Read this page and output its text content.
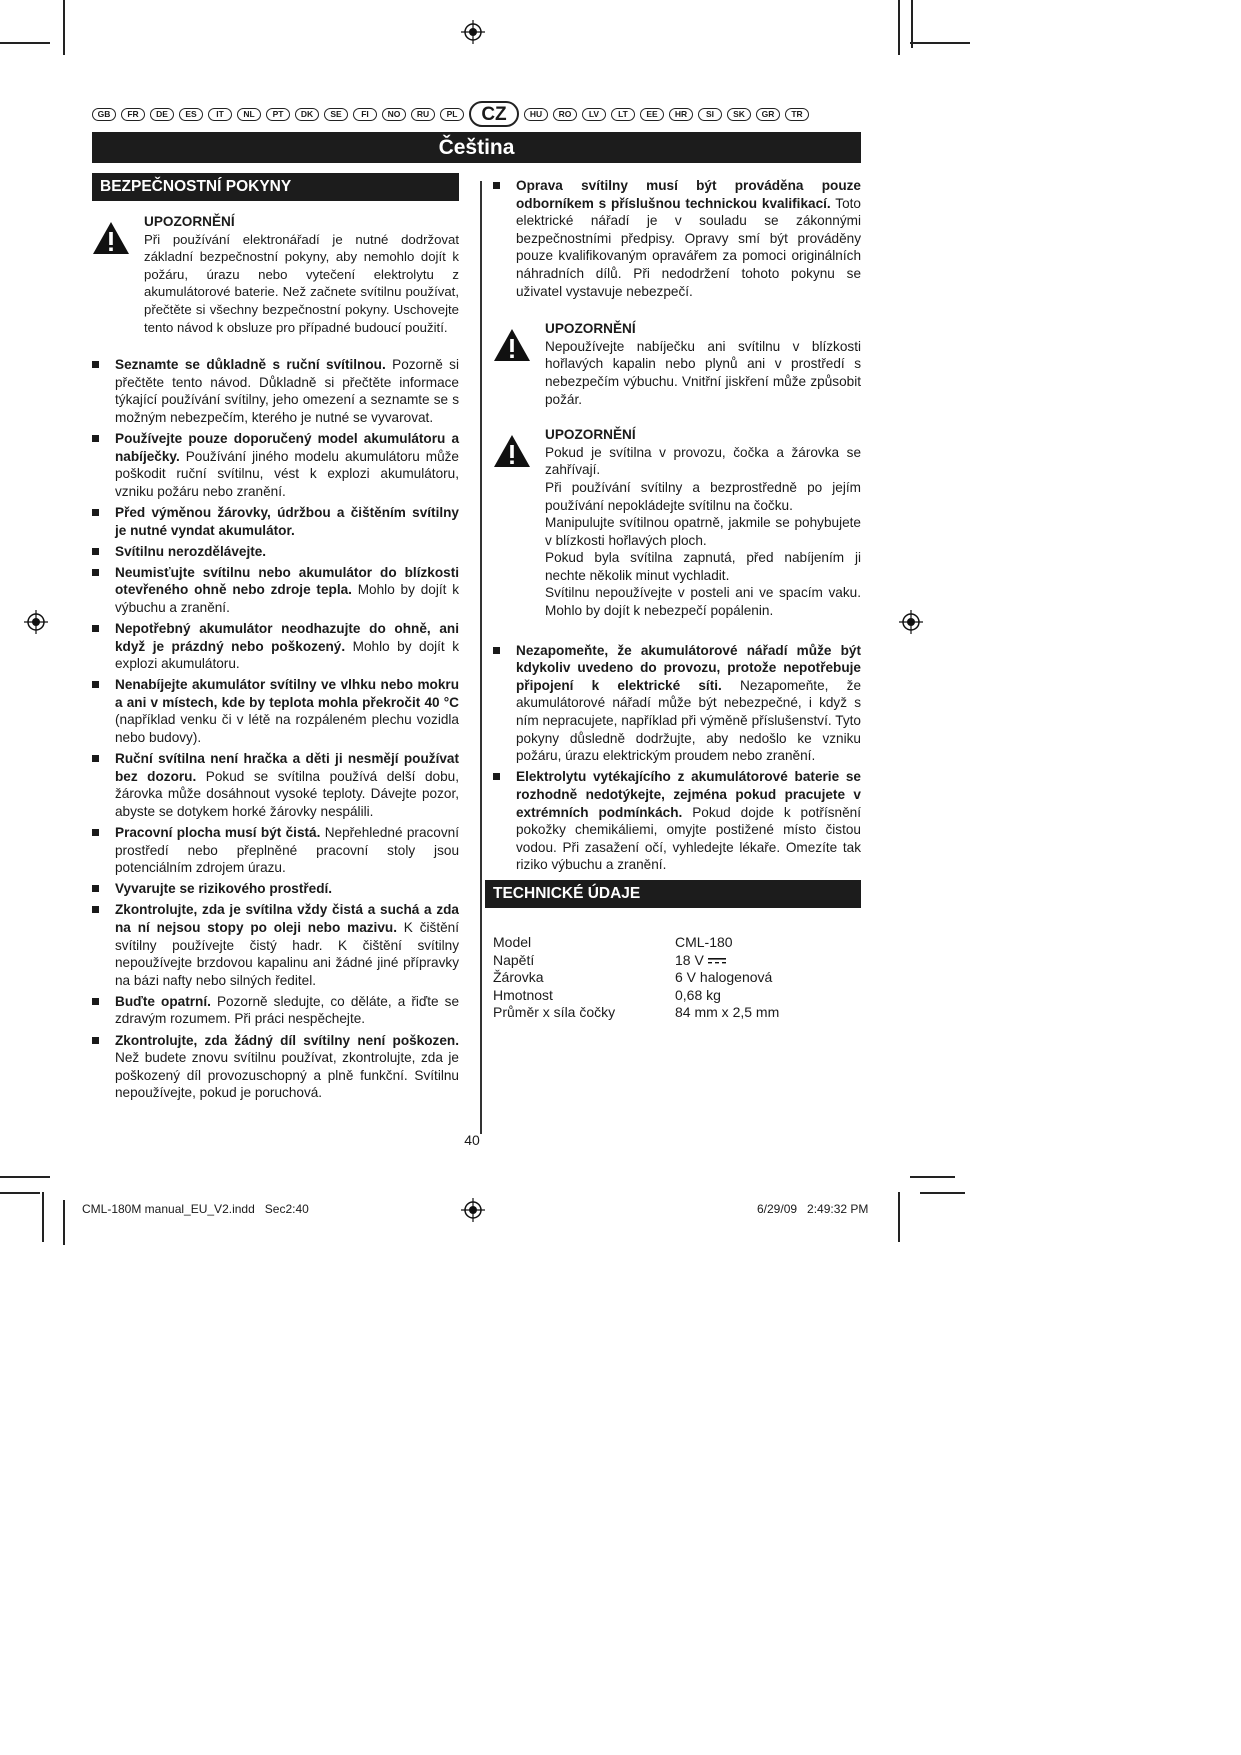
GB	FR	DE	ES	IT	NL	PT	DK	SE	FI	NO	RU	PL	CZ	HU	RO	LV	LT	EE	HR	SI	SK	GR	TR
Čeština
BEZPEČNOSTNÍ POKYNY

UPOZORNĚNÍ

Při používání elektronářadí je nutné dodržovat základní bezpečnostní pokyny, aby nemohlo dojít k požáru, úrazu nebo vytečení elektrolytu z akumulátorové baterie. Než začnete svítilnu používat, přečtěte si všechny bezpečnostní pokyny. Uschovejte tento návod k obsluze pro případné budoucí použití.

Seznamte se důkladně s ruční svítilnou. Pozorně si přečtěte tento návod. Důkladně si přečtěte informace týkající používání svítilny, jeho omezení a seznamte se s možným nebezpečím, kterého je nutné se vyvarovat.
Používejte pouze doporučený model akumulátoru a nabíječky. Používání jiného modelu akumulátoru může poškodit ruční svítilnu, vést k explozi akumulátoru, vzniku požáru nebo zranění.
Před výměnou žárovky, údržbou a čištěním svítilny je nutné vyndat akumulátor.
Svítilnu nerozdělávejte.
Neumisťujte svítilnu nebo akumulátor do blízkosti otevřeného ohně nebo zdroje tepla. Mohlo by dojít k výbuchu a zranění.
Nepotřebný akumulátor neodhazujte do ohně, ani když je prázdný nebo poškozený. Mohlo by dojít k explozi akumulátoru.
Nenabíjejte akumulátor svítilny ve vlhku nebo mokru a ani v místech, kde by teplota mohla překročit 40 °C (například venku či v létě na rozpáleném plechu vozidla nebo budovy).
Ruční svítilna není hračka a děti ji nesmějí používat bez dozoru. Pokud se svítilna používá delší dobu, žárovka může dosáhnout vysoké teploty. Dávejte pozor, abyste se dotykem horké žárovky nespálili.
Pracovní plocha musí být čistá. Nepřehledné pracovní prostředí nebo přeplněné pracovní stoly jsou potenciálním zdrojem úrazu.
Vyvarujte se rizikového prostředí.
Zkontrolujte, zda je svítilna vždy čistá a suchá a zda na ní nejsou stopy po oleji nebo mazivu. K čištění svítilny používejte čistý hadr. K čištění svítilny nepoužívejte brzdovou kapalinu ani žádné jiné přípravky na bázi nafty nebo silných ředitel.
Buďte opatrní. Pozorně sledujte, co děláte, a řiďte se zdravým rozumem. Při práci nespěchejte.
Zkontrolujte, zda žádný díl svítilny není poškozen. Než budete znovu svítilnu používat, zkontrolujte, zda je poškozený díl provozuschopný a plně funkční. Svítilnu nepoužívejte, pokud je poruchová.
Oprava svítilny musí být prováděna pouze odborníkem s příslušnou technickou kvalifikací. Toto elektrické nářadí je v souladu se zákonnými bezpečnostními předpisy. Opravy smí být prováděny pouze kvalifikovaným opravářem za pomoci originálních náhradních dílů. Při nedodržení tohoto pokynu se uživatel vystavuje nebezpečí.

UPOZORNĚNÍ

Nepoužívejte nabíječku ani svítilnu v blízkosti hořlavých kapalin nebo plynů ani v prostředí s nebezpečím výbuchu. Vnitřní jiskření může způsobit požár.

UPOZORNĚNÍ

Pokud je svítilna v provozu, čočka a žárovka se zahřívají.

Při používání svítilny a bezprostředně po jejím používání nepokládejte svítilnu na čočku.

Manipulujte svítilnou opatrně, jakmile se pohybujete v blízkosti hořlavých ploch.

Pokud byla svítilna zapnutá, před nabíjením ji nechte několik minut vychladit.

Svítilnu nepoužívejte v posteli ani ve spacím vaku. Mohlo by dojít k nebezpečí popálenin.

Nezapomeňte, že akumulátorové nářadí může být kdykoliv uvedeno do provozu, protože nepotřebuje připojení k elektrické síti. Nezapomeňte, že akumulátorové nářadí může být nebezpečné, i když s ním nepracujete, například při výměně příslušenství. Tyto pokyny důsledně dodržujte, aby nedošlo ke vzniku požáru, úrazu elektrickým proudem nebo zranění.
Elektrolytu vytékajícího z akumulátorové baterie se rozhodně nedotýkejte, zejména pokud pracujete v extrémních podmínkách. Pokud dojde k potřísnění pokožky chemikáliemi, omyjte postižené místo čistou vodou. Při zasažení očí, vyhledejte lékaře. Omezíte tak riziko výbuchu a zranění.
TECHNICKÉ ÚDAJE
Model	CML-180
Napětí	18 V
Žárovka	6 V halogenová
Hmotnost	0,68 kg
Průměr x síla čočky	84 mm x 2,5 mm
40
CML-180M manual_EU_V2.indd   Sec2:40	6/29/09   2:49:32 PM
